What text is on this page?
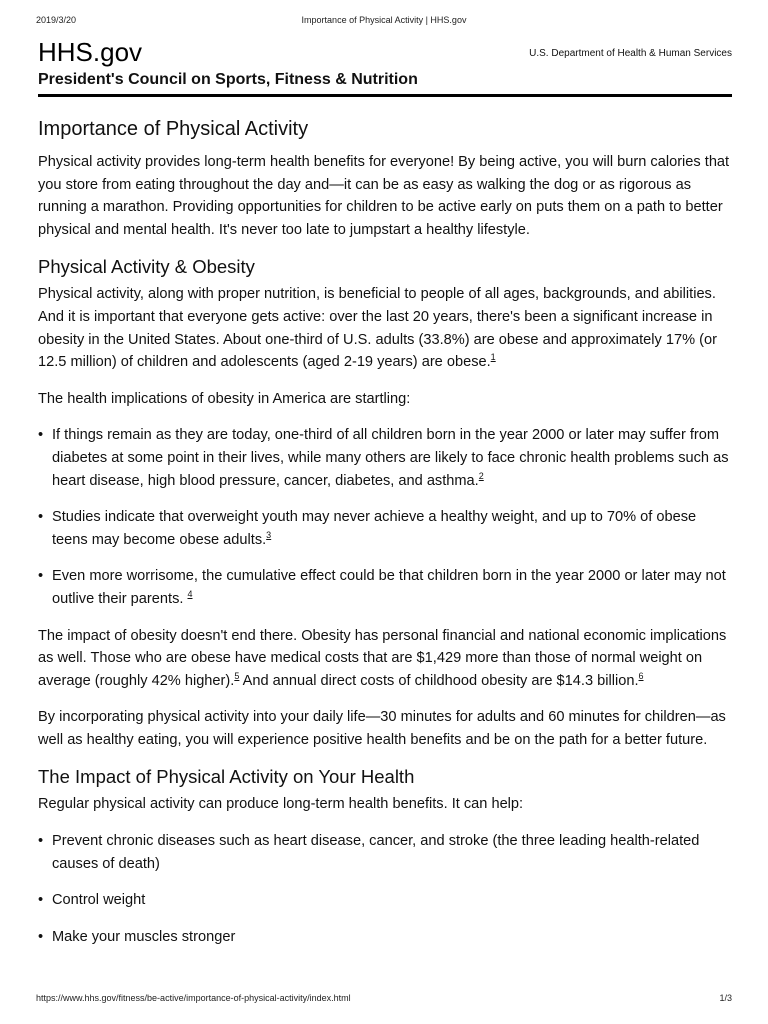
2019/3/20	Importance of Physical Activity | HHS.gov
HHS.gov	U.S. Department of Health & Human Services
President's Council on Sports, Fitness & Nutrition
Importance of Physical Activity

Physical activity provides long-term health benefits for everyone! By being active, you will burn calories that you store from eating throughout the day and—it can be as easy as walking the dog or as rigorous as running a marathon. Providing opportunities for children to be active early on puts them on a path to better physical and mental health. It's never too late to jumpstart a healthy lifestyle.

Physical Activity & Obesity

Physical activity, along with proper nutrition, is beneficial to people of all ages, backgrounds, and abilities. And it is important that everyone gets active: over the last 20 years, there's been a significant increase in obesity in the United States. About one-third of U.S. adults (33.8%) are obese and approximately 17% (or 12.5 million) of children and adolescents (aged 2-19 years) are obese.$^1$

The health implications of obesity in America are startling:

• If things remain as they are today, one-third of all children born in the year 2000 or later may suffer from diabetes at some point in their lives, while many others are likely to face chronic health problems such as heart disease, high blood pressure, cancer, diabetes, and asthma.$^2$
• Studies indicate that overweight youth may never achieve a healthy weight, and up to 70% of obese teens may become obese adults.$^3$
• Even more worrisome, the cumulative effect could be that children born in the year 2000 or later may not outlive their parents. $^4$

The impact of obesity doesn't end there. Obesity has personal financial and national economic implications as well. Those who are obese have medical costs that are $1,429 more than those of normal weight on average (roughly 42% higher).$^5$ And annual direct costs of childhood obesity are $14.3 billion.$^6$

By incorporating physical activity into your daily life—30 minutes for adults and 60 minutes for children—as well as healthy eating, you will experience positive health benefits and be on the path for a better future.

The Impact of Physical Activity on Your Health

Regular physical activity can produce long-term health benefits. It can help:

• Prevent chronic diseases such as heart disease, cancer, and stroke (the three leading health-related causes of death)
• Control weight
• Make your muscles stronger
https://www.hhs.gov/fitness/be-active/importance-of-physical-activity/index.html	1/3
